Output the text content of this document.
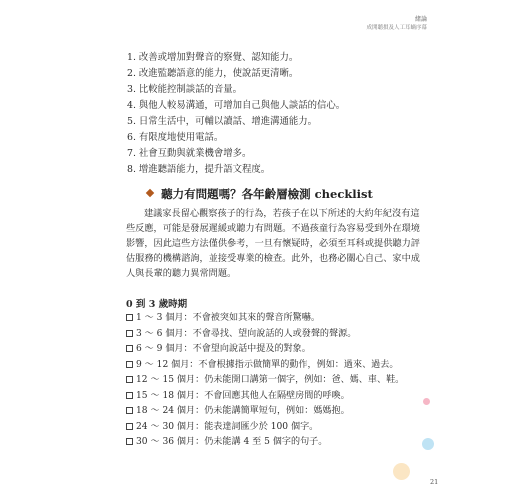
緒論
成開聽損及人工耳蝸序幕
1. 改善或增加對聲音的察覺、認知能力。
2. 改進監聽語意的能力，使說話更清晰。
3. 比較能控制談話的音量。
4. 與他人較易溝通，可增加自己與他人談話的信心。
5. 日常生活中，可輔以讀話、增進溝通能力。
6. 有限度地使用電話。
7. 社會互動與就業機會增多。
8. 增進聽語能力，提升語文程度。
聽力有問題嗎？各年齡層檢測 checklist

建議家長留心觀察孩子的行為，若孩子在以下所述的大約年紀沒有這
些反應，可能是發展遲緩或聽力有問題。不過孩童行為容易受到外在環境
影響，因此這些方法僅供參考，一旦有懷疑時，必須至耳科或提供聽力評
估服務的機構諮詢，並接受專業的檢查。此外，也務必關心自己、家中成
人與長輩的聽力異常問題。

0 到 3 歲時期
1 ～ 3 個月：不會被突如其來的聲音所驚嚇。
3 ～ 6 個月：不會尋找、望向說話的人或發聲的聲源。
6 ～ 9 個月：不會望向說話中提及的對象。
9 ～ 12 個月：不會根據指示做簡單的動作，例如：過來、過去。
12 ～ 15 個月：仍未能開口講第一個字，例如：爸、媽、車、鞋。
15 ～ 18 個月：不會回應其他人在隔壁房間的呼喚。
18 ～ 24 個月：仍未能講簡單短句，例如：媽媽抱。
24 ～ 30 個月：能表達詞匯少於 100 個字。
30 ～ 36 個月：仍未能講 4 至 5 個字的句子。
21
